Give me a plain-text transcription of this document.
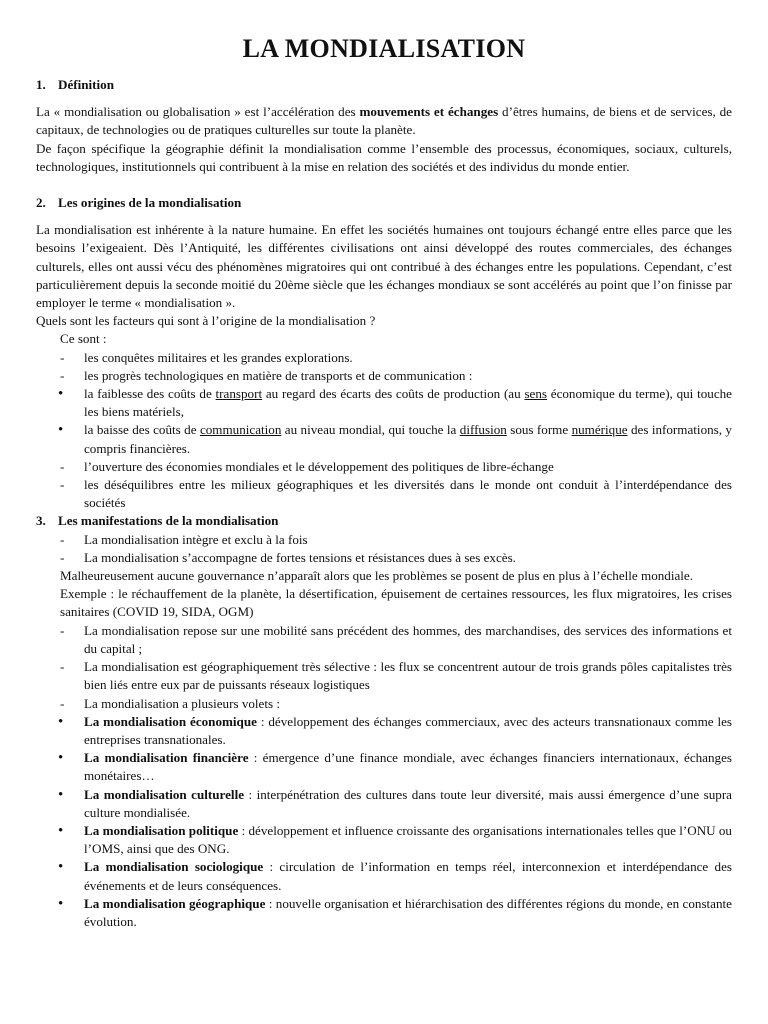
LA MONDIALISATION
1. Définition

La « mondialisation ou globalisation » est l’accélération des mouvements et échanges d’êtres humains, de biens et de services, de capitaux, de technologies ou de pratiques culturelles sur toute la planète.

De façon spécifique la géographie définit la mondialisation comme l’ensemble des processus, économiques, sociaux, culturels, technologiques, institutionnels qui contribuent à la mise en relation des sociétés et des individus du monde entier.

2. Les origines de la mondialisation

La mondialisation est inhérente à la nature humaine. En effet les sociétés humaines ont toujours échangé entre elles parce que les besoins l’exigeaient. Dès l’Antiquité, les différentes civilisations ont ainsi développé des routes commerciales, des échanges culturels, elles ont aussi vécu des phénomènes migratoires qui ont contribué à des échanges entre les populations. Cependant, c’est particulièrement depuis la seconde moitié du 20ème siècle que les échanges mondiaux se sont accélérés au point que l’on finisse par employer le terme « mondialisation ».

Quels sont les facteurs qui sont à l’origine de la mondialisation ?

Ce sont :

-	les conquêtes militaires et les grandes explorations.
-	les progrès technologiques en matière de transports et de communication :
•	la faiblesse des coûts de transport au regard des écarts des coûts de production (au sens économique du terme), qui touche les biens matériels,
•	la baisse des coûts de communication au niveau mondial, qui touche la diffusion sous forme numérique des informations, y compris financières.
-	l’ouverture des économies mondiales et le développement des politiques de libre-échange
-	les déséquilibres entre les milieux géographiques et les diversités dans le monde ont conduit à l’interdépendance des sociétés
3. Les manifestations de la mondialisation
-	La mondialisation intègre et exclu à la fois
-	La mondialisation s’accompagne de fortes tensions et résistances dues à ses excès.

Malheureusement aucune gouvernance n’apparaît alors que les problèmes se posent de plus en plus à l’échelle mondiale.

Exemple : le réchauffement de la planète, la désertification, épuisement de certaines ressources, les flux migratoires, les crises sanitaires (COVID 19, SIDA, OGM)

-	La mondialisation repose sur une mobilité sans précédent des hommes, des marchandises, des services des informations et du capital ;
-	La mondialisation est géographiquement très sélective : les flux se concentrent autour de trois grands pôles capitalistes très bien liés entre eux par de puissants réseaux logistiques
-	La mondialisation a plusieurs volets :
•	La mondialisation économique : développement des échanges commerciaux, avec des acteurs transnationaux comme les entreprises transnationales.
•	La mondialisation financière : émergence d’une finance mondiale, avec échanges financiers internationaux, échanges monétaires…
•	La mondialisation culturelle : interpénétration des cultures dans toute leur diversité, mais aussi émergence d’une supra culture mondialisée.
•	La mondialisation politique : développement et influence croissante des organisations internationales telles que l’ONU ou l’OMS, ainsi que des ONG.
•	La mondialisation sociologique : circulation de l’information en temps réel, interconnexion et interdépendance des événements et de leurs conséquences.
•	La mondialisation géographique : nouvelle organisation et hiérarchisation des différentes régions du monde, en constante évolution.
